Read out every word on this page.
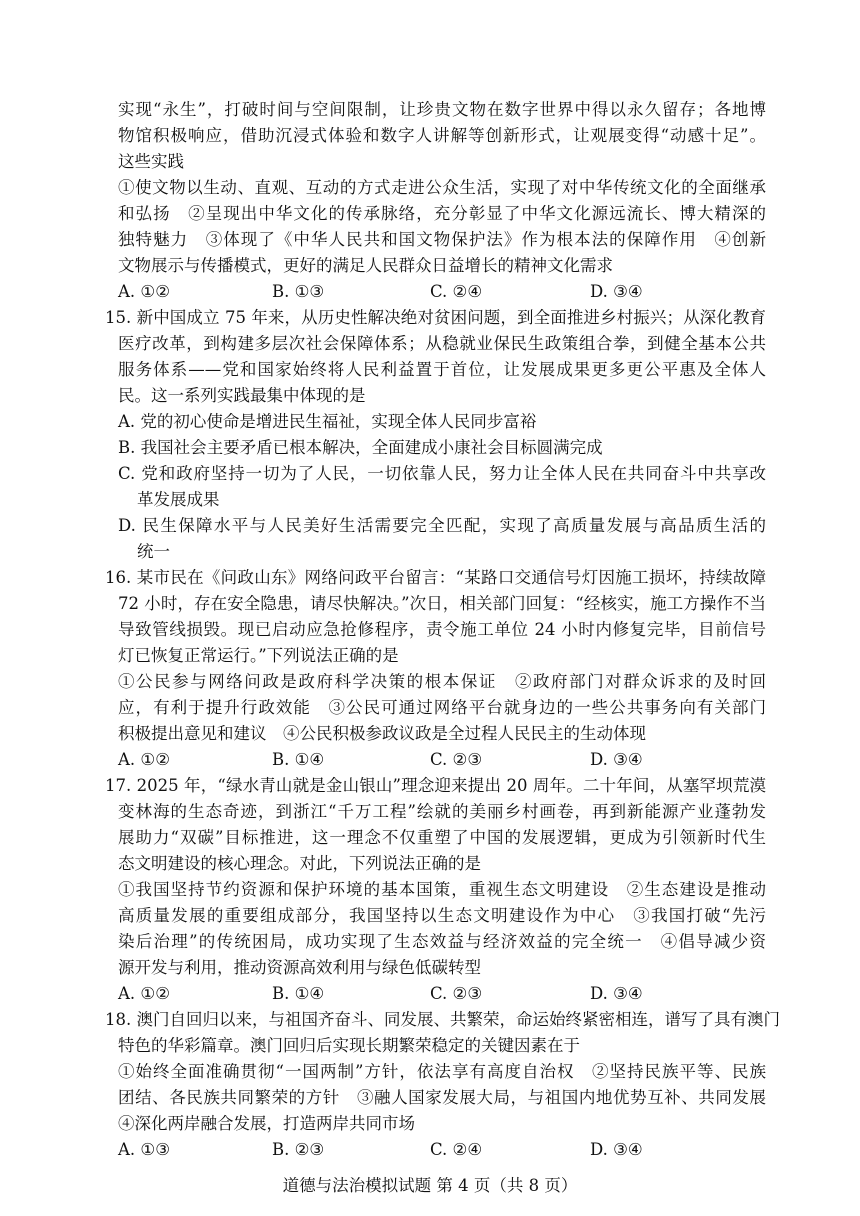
实现“永生”，打破时间与空间限制，让珍贵文物在数字世界中得以永久留存；各地博
物馆积极响应，借助沉浸式体验和数字人讲解等创新形式，让观展变得“动感十足”。
这些实践
①使文物以生动、直观、互动的方式走进公众生活，实现了对中华传统文化的全面继承
和弘扬　②呈现出中华文化的传承脉络，充分彰显了中华文化源远流长、博大精深的
独特魅力　③体现了《中华人民共和国文物保护法》作为根本法的保障作用　④创新
文物展示与传播模式，更好的满足人民群众日益增长的精神文化需求
A. ①②	B. ①③	C. ②④	D. ③④
15. 新中国成立 75 年来，从历史性解决绝对贫困问题，到全面推进乡村振兴；从深化教育
医疗改革，到构建多层次社会保障体系；从稳就业保民生政策组合拳，到健全基本公共
服务体系——党和国家始终将人民利益置于首位，让发展成果更多更公平惠及全体人
民。这一系列实践最集中体现的是
A. 党的初心使命是增进民生福祉，实现全体人民同步富裕
B. 我国社会主要矛盾已根本解决，全面建成小康社会目标圆满完成
C. 党和政府坚持一切为了人民，一切依靠人民，努力让全体人民在共同奋斗中共享改
革发展成果
D. 民生保障水平与人民美好生活需要完全匹配，实现了高质量发展与高品质生活的
统一
16. 某市民在《问政山东》网络问政平台留言：“某路口交通信号灯因施工损坏，持续故障
72 小时，存在安全隐患，请尽快解决。”次日，相关部门回复：“经核实，施工方操作不当
导致管线损毁。现已启动应急抢修程序，责令施工单位 24 小时内修复完毕，目前信号
灯已恢复正常运行。”下列说法正确的是
①公民参与网络问政是政府科学决策的根本保证　②政府部门对群众诉求的及时回
应，有利于提升行政效能　③公民可通过网络平台就身边的一些公共事务向有关部门
积极提出意见和建议　④公民积极参政议政是全过程人民民主的生动体现
A. ①②	B. ①④	C. ②③	D. ③④
17. 2025 年，“绿水青山就是金山银山”理念迎来提出 20 周年。二十年间，从塞罕坝荒漠
变林海的生态奇迹，到浙江“千万工程”绘就的美丽乡村画卷，再到新能源产业蓬勃发
展助力“双碳”目标推进，这一理念不仅重塑了中国的发展逻辑，更成为引领新时代生
态文明建设的核心理念。对此，下列说法正确的是
①我国坚持节约资源和保护环境的基本国策，重视生态文明建设　②生态建设是推动
高质量发展的重要组成部分，我国坚持以生态文明建设作为中心　③我国打破“先污
染后治理”的传统困局，成功实现了生态效益与经济效益的完全统一　④倡导减少资
源开发与利用，推动资源高效利用与绿色低碳转型
A. ①②	B. ①④	C. ②③	D. ③④
18. 澳门自回归以来，与祖国齐奋斗、同发展、共繁荣，命运始终紧密相连，谱写了具有澳门
特色的华彩篇章。澳门回归后实现长期繁荣稳定的关键因素在于
①始终全面准确贯彻“一国两制”方针，依法享有高度自治权　②坚持民族平等、民族
团结、各民族共同繁荣的方针　③融人国家发展大局，与祖国内地优势互补、共同发展
④深化两岸融合发展，打造两岸共同市场
A. ①③	B. ②③	C. ②④	D. ③④
道德与法治模拟试题 第 4 页（共 8 页）
